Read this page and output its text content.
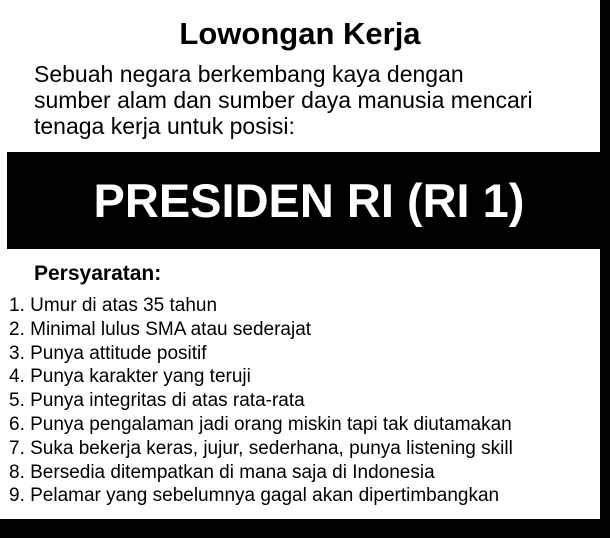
Lowongan Kerja
Sebuah negara berkembang kaya dengan
sumber alam dan sumber daya manusia mencari
tenaga kerja untuk posisi:
PRESIDEN RI (RI 1)
Persyaratan:
1. Umur di atas 35 tahun
2. Minimal lulus SMA atau sederajat
3. Punya attitude positif
4. Punya karakter yang teruji
5. Punya integritas di atas rata-rata
6. Punya pengalaman jadi orang miskin tapi tak diutamakan
7. Suka bekerja keras, jujur, sederhana, punya listening skill
8. Bersedia ditempatkan di mana saja di Indonesia
9. Pelamar yang sebelumnya gagal akan dipertimbangkan
